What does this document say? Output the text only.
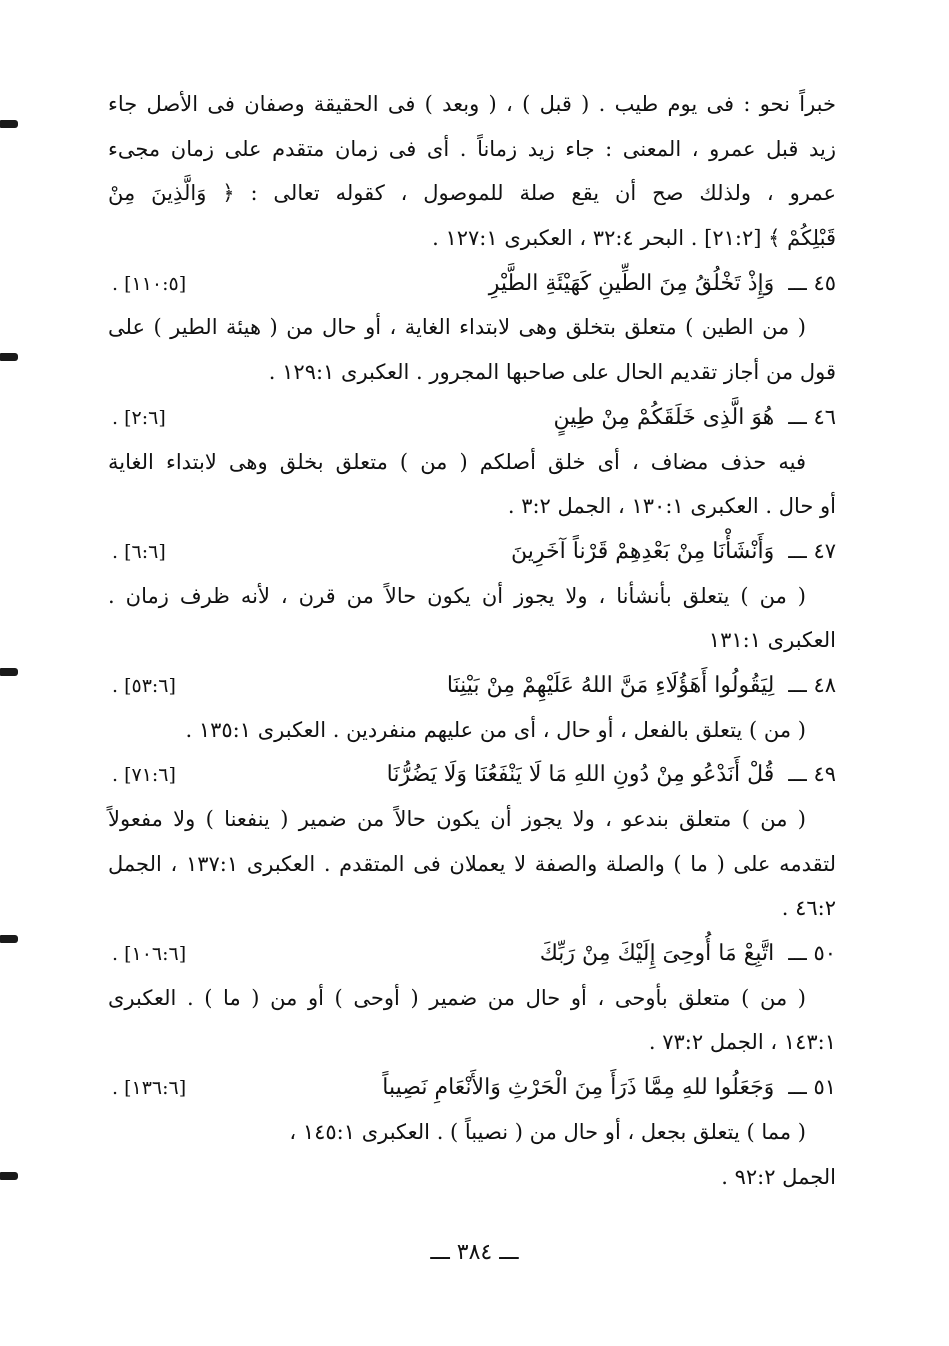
خبراً نحو : فى يوم طيب . ( قبل ) ، ( وبعد ) فى الحقيقة وصفان فى الأصل جاء
زيد قبل عمرو ، المعنى : جاء زيد زماناً . أى فى زمان متقدم على زمان مجىء
عمرو ، ولذلك صح أن يقع صلة للموصول ، كقوله تعالى : ﴿ وَالَّذِينَ مِنْ
قَبْلِكُمْ ﴾ [٢١:٢] . البحر ٣٢:٤ ، العكبرى ١٢٧:١ .
٤٥ ـــ
وَإِذْ تَخْلُقُ مِنَ الطِّينِ كَهَيْئَةِ الطَّيْرِ
. [١١٠:٥]
( من الطين ) متعلق بتخلق وهى لابتداء الغاية ، أو حال من ( هيئة الطير ) على
قول من أجاز تقديم الحال على صاحبها المجرور . العكبرى ١٢٩:١ .
٤٦ ـــ
هُوَ الَّذِى خَلَقَكُمْ مِنْ طِينٍ
. [٢:٦]
فيه حذف مضاف ، أى خلق أصلكم ( من ) متعلق بخلق وهى لابتداء الغاية
أو حال . العكبرى ١٣٠:١ ، الجمل ٣:٢ .
٤٧ ـــ
وَأَنْشَأْنَا مِنْ بَعْدِهِمْ قَرْناً آخَرِينَ
. [٦:٦]
( من ) يتعلق بأنشأنا ، ولا يجوز أن يكون حالاً من قرن ، لأنه ظرف زمان .
العكبرى ١٣١:١
٤٨ ـــ
لِيَقُولُوا أَهَؤُلَاءِ مَنَّ اللهُ عَلَيْهِمْ مِنْ بَيْنِنَا
. [٥٣:٦]
( من ) يتعلق بالفعل ، أو حال ، أى من عليهم منفردين . العكبرى ١٣٥:١ .
٤٩ ـــ
قُلْ أَنَدْعُو مِنْ دُونِ اللهِ مَا لَا يَنْفَعُنَا وَلَا يَضُرُّنَا
. [٧١:٦]
( من ) متعلق بندعو ، ولا يجوز أن يكون حالاً من ضمير ( ينفعنا ) ولا مفعولاً
لتقدمه على ( ما ) والصلة والصفة لا يعملان فى المتقدم . العكبرى ١٣٧:١ ، الجمل
٤٦:٢ .
٥٠ ـــ
اتَّبِعْ مَا أُوحِىَ إِلَيْكَ مِنْ رَبِّكَ
. [١٠٦:٦]
( من ) متعلق بأوحى ، أو حال من ضمير ( أوحى ) أو من ( ما ) . العكبرى
١٤٣:١ ، الجمل ٧٣:٢ .
٥١ ـــ
وَجَعَلُوا للهِ مِمَّا ذَرَأَ مِنَ الْحَرْثِ وَالأَنْعَامِ نَصِيباً
. [١٣٦:٦]
( مما ) يتعلق بجعل ، أو حال من ( نصيباً ) . العكبرى ١٤٥:١ ،
الجمل ٩٢:٢ .
ـــ ٣٨٤ ـــ
